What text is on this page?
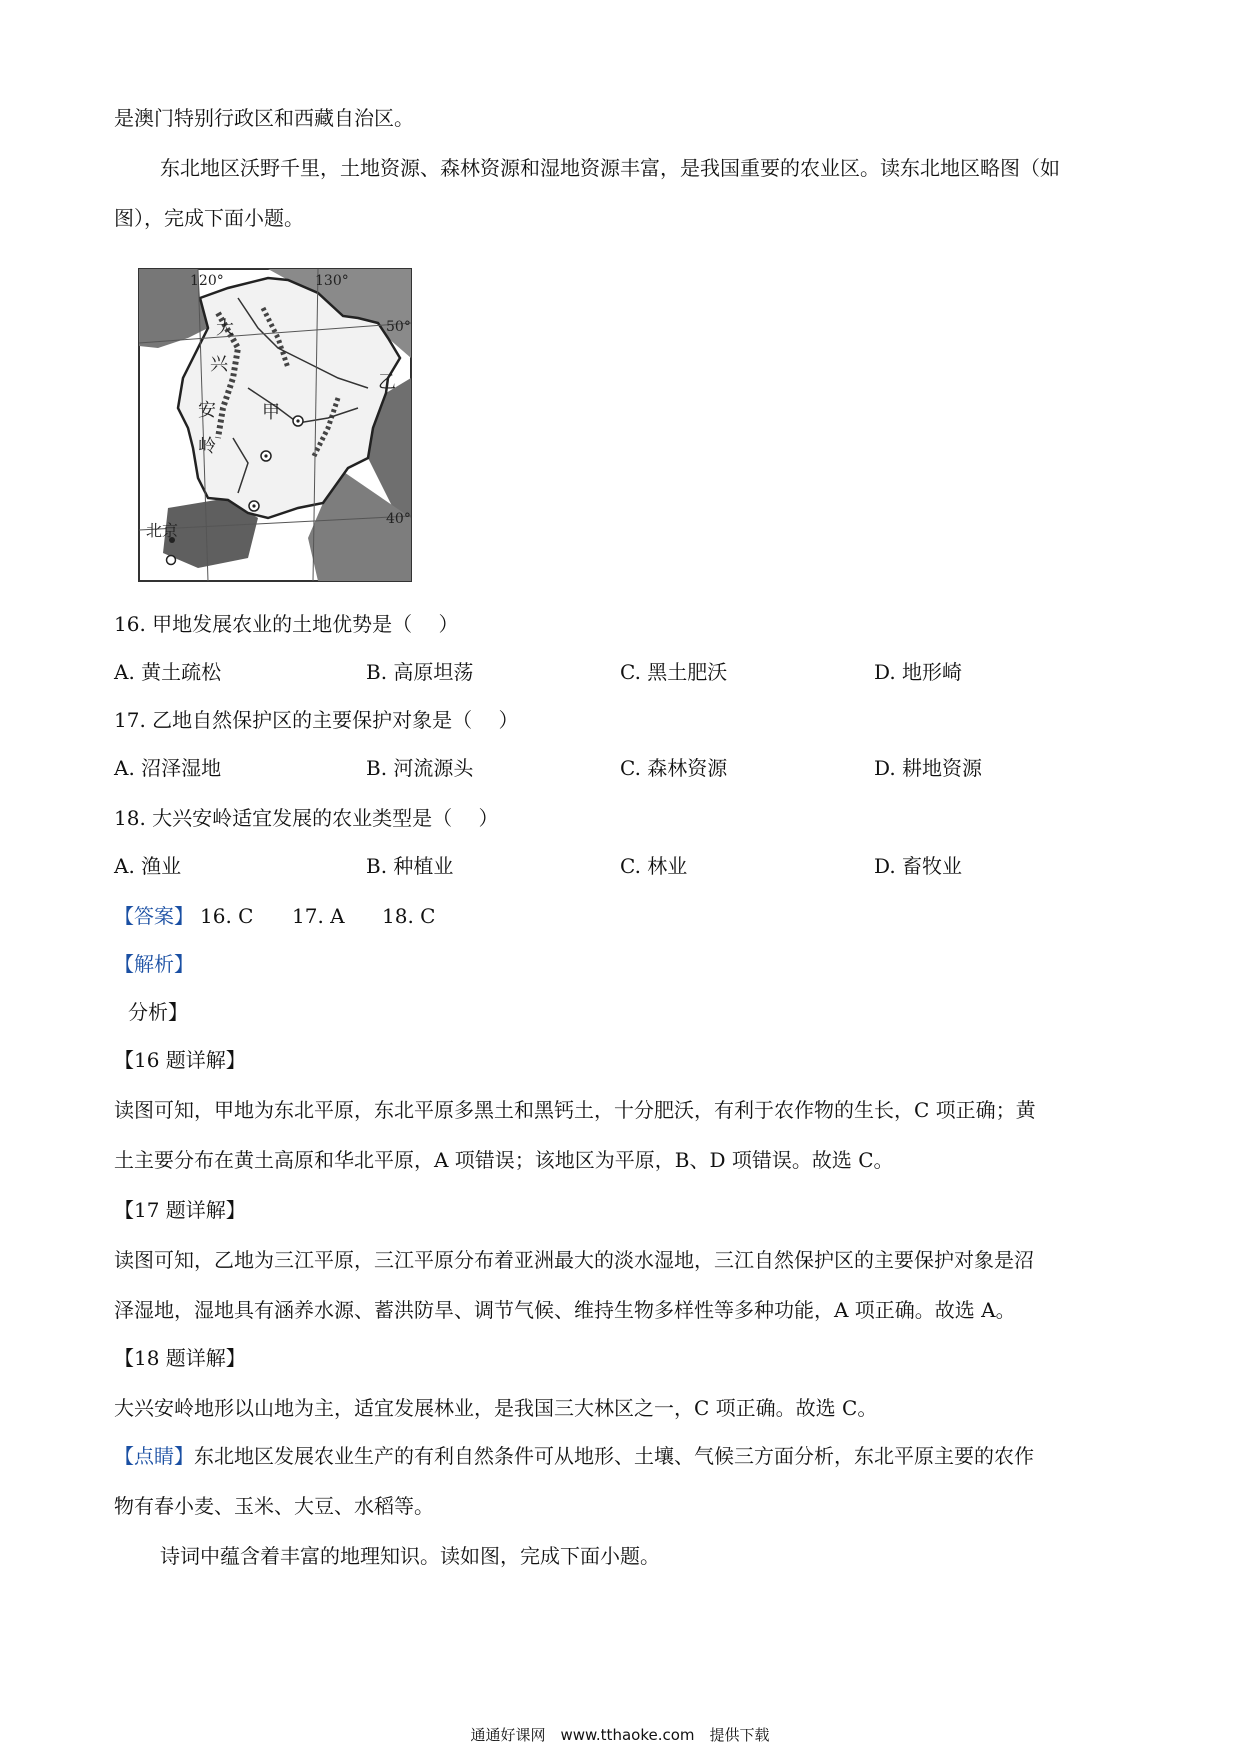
是澳门特别行政区和西藏自治区。
东北地区沃野千里，土地资源、森林资源和湿地资源丰富，是我国重要的农业区。读东北地区略图（如
图），完成下面小题。
120°	130°
50°
40°
大
兴
安
岭
甲
乙
北京
16. 甲地发展农业的土地优势是（　 ）
A. 黄土疏松	B. 高原坦荡	C. 黑土肥沃	D. 地形崎
17. 乙地自然保护区的主要保护对象是（　 ）
A. 沼泽湿地	B. 河流源头	C. 森林资源	D. 耕地资源
18. 大兴安岭适宜发展的农业类型是（　 ）
A. 渔业	B. 种植业	C. 林业	D. 畜牧业
【答案】 16. C 17. A 18. C
【解析】
分析】
【16 题详解】
读图可知，甲地为东北平原，东北平原多黑土和黑钙土，十分肥沃，有利于农作物的生长，C 项正确；黄
土主要分布在黄土高原和华北平原，A 项错误；该地区为平原，B、D 项错误。故选 C。
【17 题详解】
读图可知，乙地为三江平原，三江平原分布着亚洲最大的淡水湿地，三江自然保护区的主要保护对象是沼
泽湿地，湿地具有涵养水源、蓄洪防旱、调节气候、维持生物多样性等多种功能，A 项正确。故选 A。
【18 题详解】
大兴安岭地形以山地为主，适宜发展林业，是我国三大林区之一，C 项正确。故选 C。
【点睛】东北地区发展农业生产的有利自然条件可从地形、土壤、气候三方面分析，东北平原主要的农作
物有春小麦、玉米、大豆、水稻等。
诗词中蕴含着丰富的地理知识。读如图，完成下面小题。
通通好课网　www.tthaoke.com　提供下载
